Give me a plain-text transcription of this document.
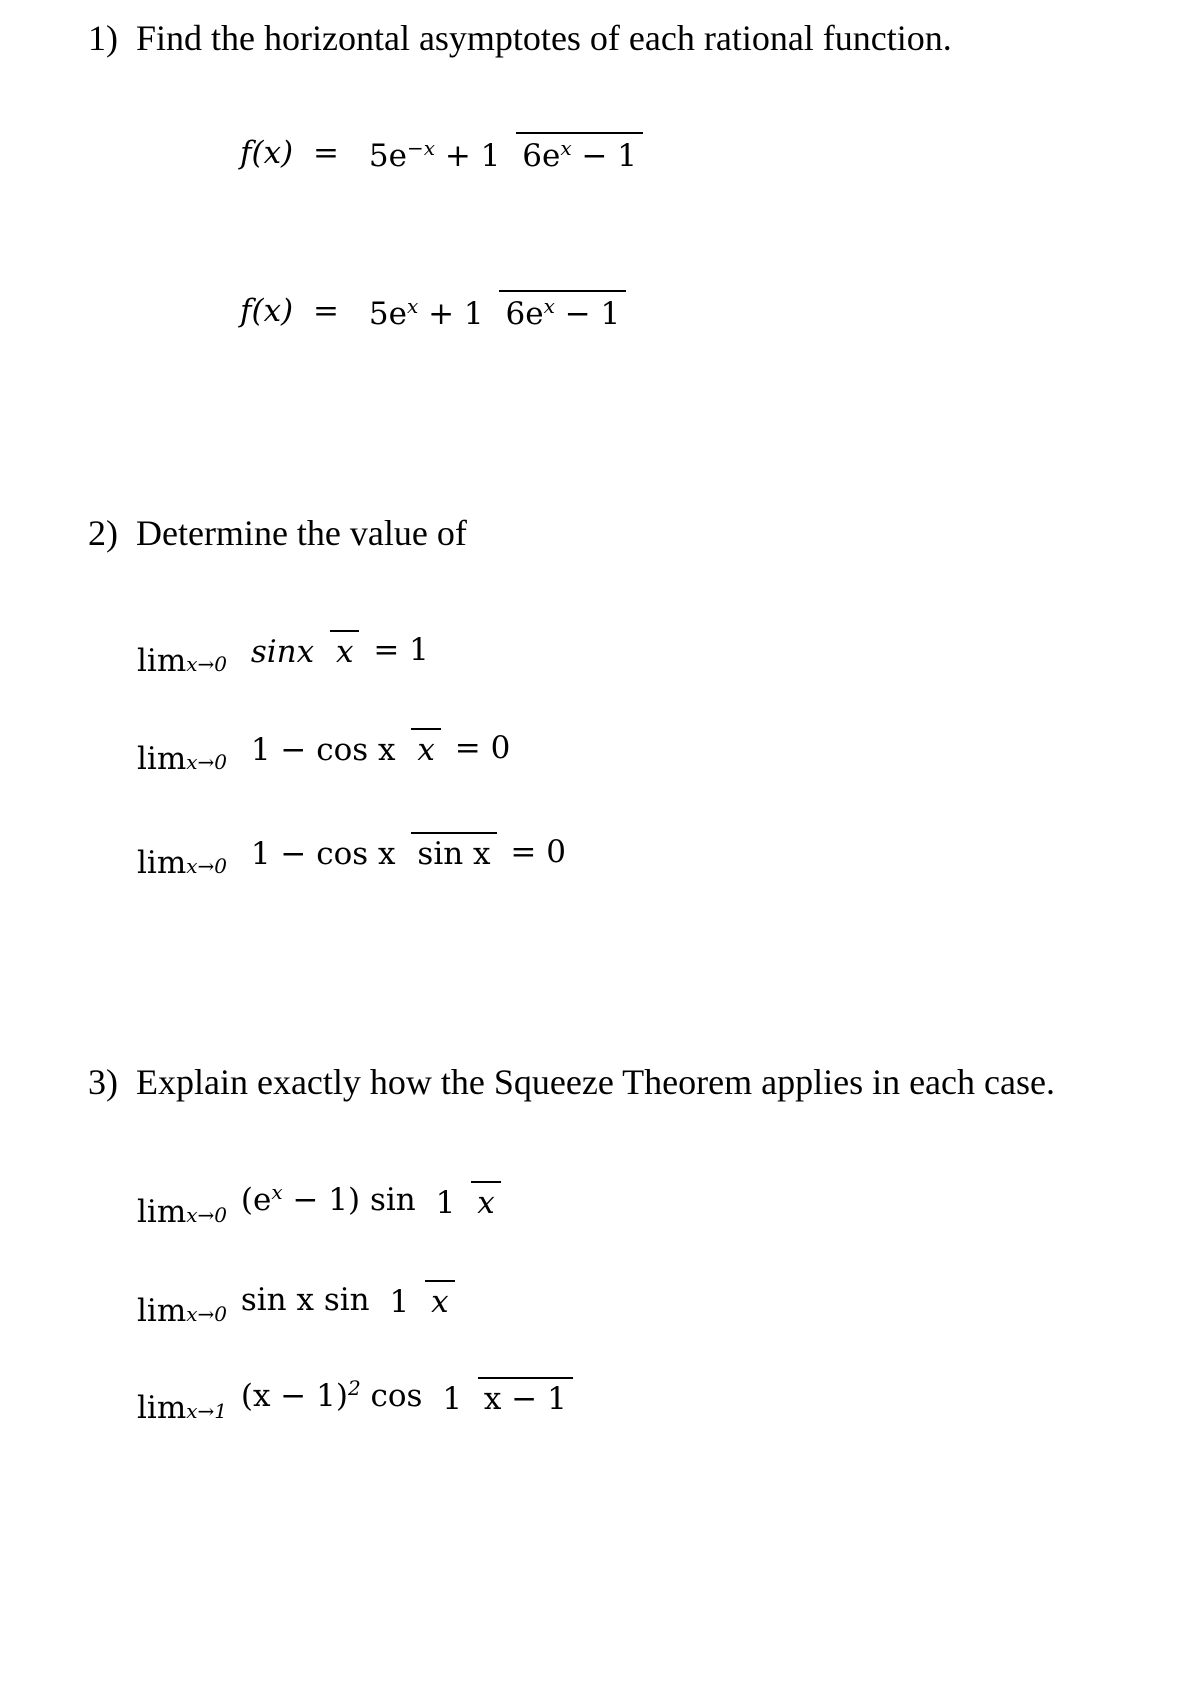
1)  Find the horizontal asymptotes of each rational function.
2)  Determine the value of
3)  Explain exactly how the Squeeze Theorem applies in each case.
f(x) = 5e−x + 1 6ex − 1
f(x) = 5ex + 1 6ex − 1
limx→0 sinx x = 1
limx→0 1 − cos x x = 0
limx→0 1 − cos x sin x = 0
limx→0 (ex − 1) sin 1 x
limx→0 sin x sin 1 x
limx→1 (x − 1)2 cos 1 x − 1
